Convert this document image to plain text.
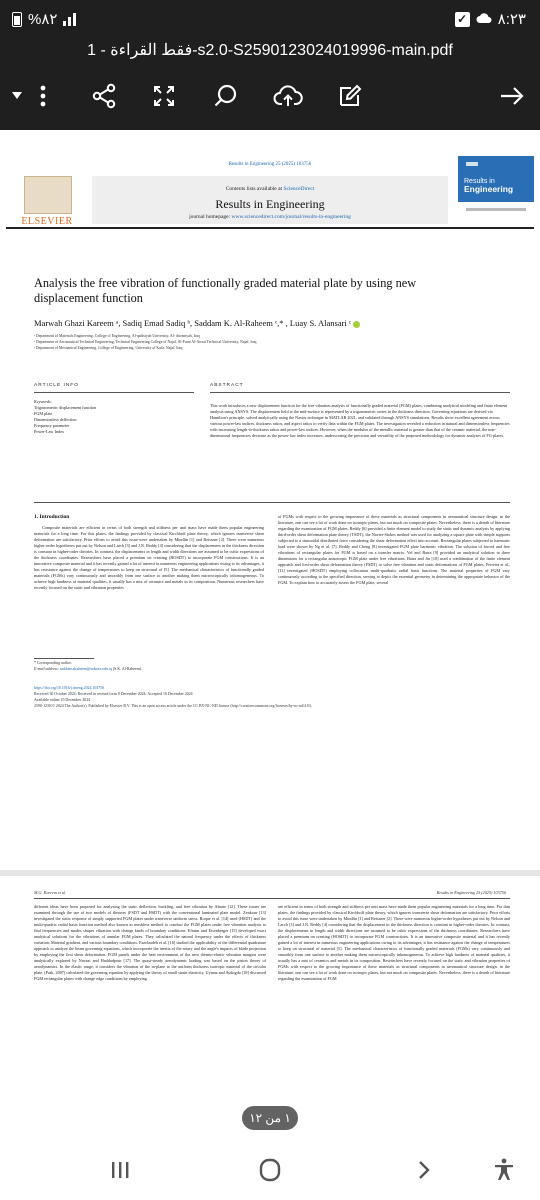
%٨٢	✓ ٨:٢٣
فقط القراءة - 1-s2.0-S2590123024019996-main.pdf
Results in Engineering 25 (2025) 103756
ELSEVIER
Contents lists available at ScienceDirect
Results in Engineering
journal homepage: www.sciencedirect.com/journal/results-in-engineering
Results in
Engineering
Analysis the free vibration of functionally graded material plate by using new displacement function
Marwah Ghazi Kareem ᵃ, Sadiq Emad Sadiq ᵇ, Saddam K. Al-Raheem ᶜ,* , Luay S. Alansari ᶜ
ᵃ Department of Materials Engineering, College of Engineering, Al-qadisiyah University, Al- diwaniyah, Iraq
ᵇ Department of Aeronautical Technical Engineering, Technical Engineering College of Najaf, Al-Furat Al-Awsat Technical University, Najaf, Iraq
ᶜ Department of Mechanical Engineering, College of Engineering, University of Kufa, Najaf, Iraq
ARTICLE INFO	ABSTRACT
Keywords:
Trigonometric displacement function
FGM plate
Dimensionless deflection
Frequency parameter
Power-Law Index
This work introduces a new displacement function for the free vibration analysis of functionally graded material (FGM) plates, combining analytical modeling and finite element analysis using ANSYS. The displacement field at the mid-surface is represented by a trigonometric series in the thickness direction. Governing equations are derived via Hamilton's principle, solved analytically using the Navier technique in MATLAB 2021, and validated through ANSYS simulations. Results show excellent agreement across various power-law indices, thickness ratios, and aspect ratios to verify data within the FGM plates. The investigation revealed a reduction in natural and dimensionless frequencies with increasing length-to-thickness ratios and power-law indices. However, when the modulus of the metallic material is greater than that of the ceramic material, the non-dimensional frequencies decrease as the power-law index increases, underscoring the precision and versatility of the proposed methodology for dynamic analyses of FG-plates.
1. Introduction
Composite materials are efficient in terms of both strength and stiffness per unit mass have made them popular engineering materials for a long time. For this plates, the findings provided by classical Kirchhoff plate theory, which ignores transverse shear deformation are satisfactory. Prior efforts to avoid this issue were undertaken by Mindlin [1] and Reissner [2]. There were numerous higher-order hypotheses put out by Nelson and Larch [3] and J.N. Reddy [4] considering that the displacement in the thickness direction is constant in higher-order theories. In contrast, the displacements in length and width directions are assumed to be cubic expressions of the thickness coordinates. Researchers have placed a premium on creating (HOSDT) to incorporate FGM constructions. It is an innovative composite material and it has recently gained a lot of interest in numerous engineering applications owing to its advantages, it has resistance against the change of temperatures to keep on structural of [5]. The mechanical characteristics of functionally graded materials (FGMs) vary continuously and smoothly from one surface to another making them microscopically inhomogeneous. To achieve high hardness of material qualities, it usually has a mix of ceramics and metals in its composition. Numerous researchers have recently focused on the static and vibration properties
of FGMs with respect to the growing importance of these materials as structural components in aeronautical structure design. in the literature, one can see a lot of work done on isotropic plates, but not much on composite plates. Nevertheless, there is a dearth of literature regarding the examination of FGM plates. Reddy [6] provided a finite element model to study the static and dynamic analysis by applying third-order shear deformation plate theory (TSDT), the Navier-Stokes method was used for analyzing a square plate with simple supports subjected to a sinusoidal distributed force considering the shear deformation effect into account. Rectangular plates subjected to harmonic load were shown by Ng et al. [7]. Reddy and Cheng [8] investigated FGM plate harmonic vibration. The solution of forced and free vibrations of rectangular plates for FGM is based on a transfer matrix. Vel and Batra [9] provided an analytical solution in three dimensions for a rectangular anisotropic FGM plate under free vibrations. Batra and Jin [10] used a combination of the finite element approach and first-order shear deformation theory (FSDT) to solve free vibration and static deformations of FGM plates. Ferreira et al., [11] investigated (HOSDT) employing collocation multi-quadratic radial basis functions. The material properties of FGM vary continuously according to the specified direction, serving to depict the essential geometry in determining the appropriate behavior of the FGM. To explain how to accurately assess the FGM plate, several
* Corresponding author.
E-mail address: saddam.alraheem@uokufa.edu.iq (S.K. Al-Raheem).
https://doi.org/10.1016/j.rineng.2024.103756
Received 30 October 2024; Received in revised form 8 December 2024; Accepted 16 December 2024
Available online 19 December 2024
2590-1230/© 2024 The Author(s). Published by Elsevier B.V. This is an open access article under the CC BY-NC-ND license (http://creativecommons.org/licenses/by-nc-nd/4.0/).
M.G. Kareem et al.	Results in Engineering 25 (2025) 103756
different ideas have been proposed for analyzing the static deflection, buckling, and free vibration by Abrate [12]. These issues are examined through the use of two models of theories (FSDT and HSDT) with the conventional laminated plate model. Zenkour [13] investigated the static response of simply supported FGM plates under transverse uniform stress. Roque et al. [14] used (HSDT) and the multi-quadric radial basis function method also known as meshless method to conduct the FGM plates under free vibration analysis to find frequencies and modes shapes vibration with change kinds of boundary conditions. Efraim and Eisenberger [15] developed exact analytical solutions for the vibrations of annular FGM plates. They calculated the natural frequency under the effects of thickness variation, Material gradient, and various boundary conditions. Fazelzadeh et al. [16] studied the applicability of the differential quadrature approach to analyze the beam governing equations, which incorporate the inertia of the rotary and the angle's impacts of blade projection by employing the first shear deformation. FGM panels under the heat environment of the aero thermo-elastic vibration margins were analytically explored by Navazi and Haddadpour [17]. The quasi-steady aerodynamic loading was based on the piston theory of aerodynamics. In the elastic range, it considers the vibration of the in-plane to the uniform thickness isotropic material of the circular plate. (Park, 2007) calculated the governing equation by applying the theory of small strain elasticity. Uymaz and Aydogdu [18] discussed FGM rectangular plates with change edge conditions by employing
are efficient in terms of both strength and stiffness per unit mass have made them popular engineering materials for a long time. For thin plates, the findings provided by classical Kirchhoff plate theory, which ignores transverse shear deformation are satisfactory. Prior efforts to avoid this issue were undertaken by Mindlin [1] and Reissner [2]. There were numerous higher-order hypotheses put out by Nelson and Larch [3] and J.N. Reddy [4] considering that the displacement in the thickness direction is constant in higher-order theories. In contrast, the displacements in length and width directions are assumed to be cubic expressions of the thickness coordinates. Researchers have placed a premium on creating (HOSDT) to incorporate FGM constructions. It is an innovative composite material and it has recently gained a lot of interest in numerous engineering applications owing to its advantages, it has resistance against the change of temperatures to keep on structural of material [5]. The mechanical characteristics of functionally graded materials (FGMs) vary continuously and smoothly from one surface to another making them microscopically inhomogeneous. To achieve high hardness of material qualities, it usually has a mix of ceramics and metals in its composition. Researchers have recently focused on the static and vibration properties of FGMs with respect to the growing importance of these materials as structural components in aeronautical structure design. in the literature, one can see a lot of work done on isotropic plates, but not much on composite plates. Nevertheless, there is a dearth of literature regarding the examination of FGM
١ من ١٢
